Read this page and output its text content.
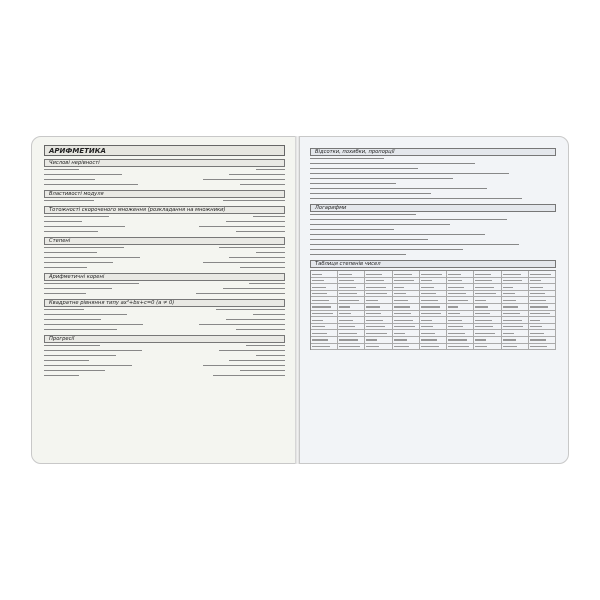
АРИФМЕТИКА
Числові нерівності
Властивості модуля
Тотожності скороченого множення (розкладання на множники)
Степені
Арифметичні корені
Квадратне рівняння типу ax²+bx+c=0 (a ≠ 0)
Прогресії
Відсотки, похибки, пропорції
Логарифми
Таблиця степенів чисел
